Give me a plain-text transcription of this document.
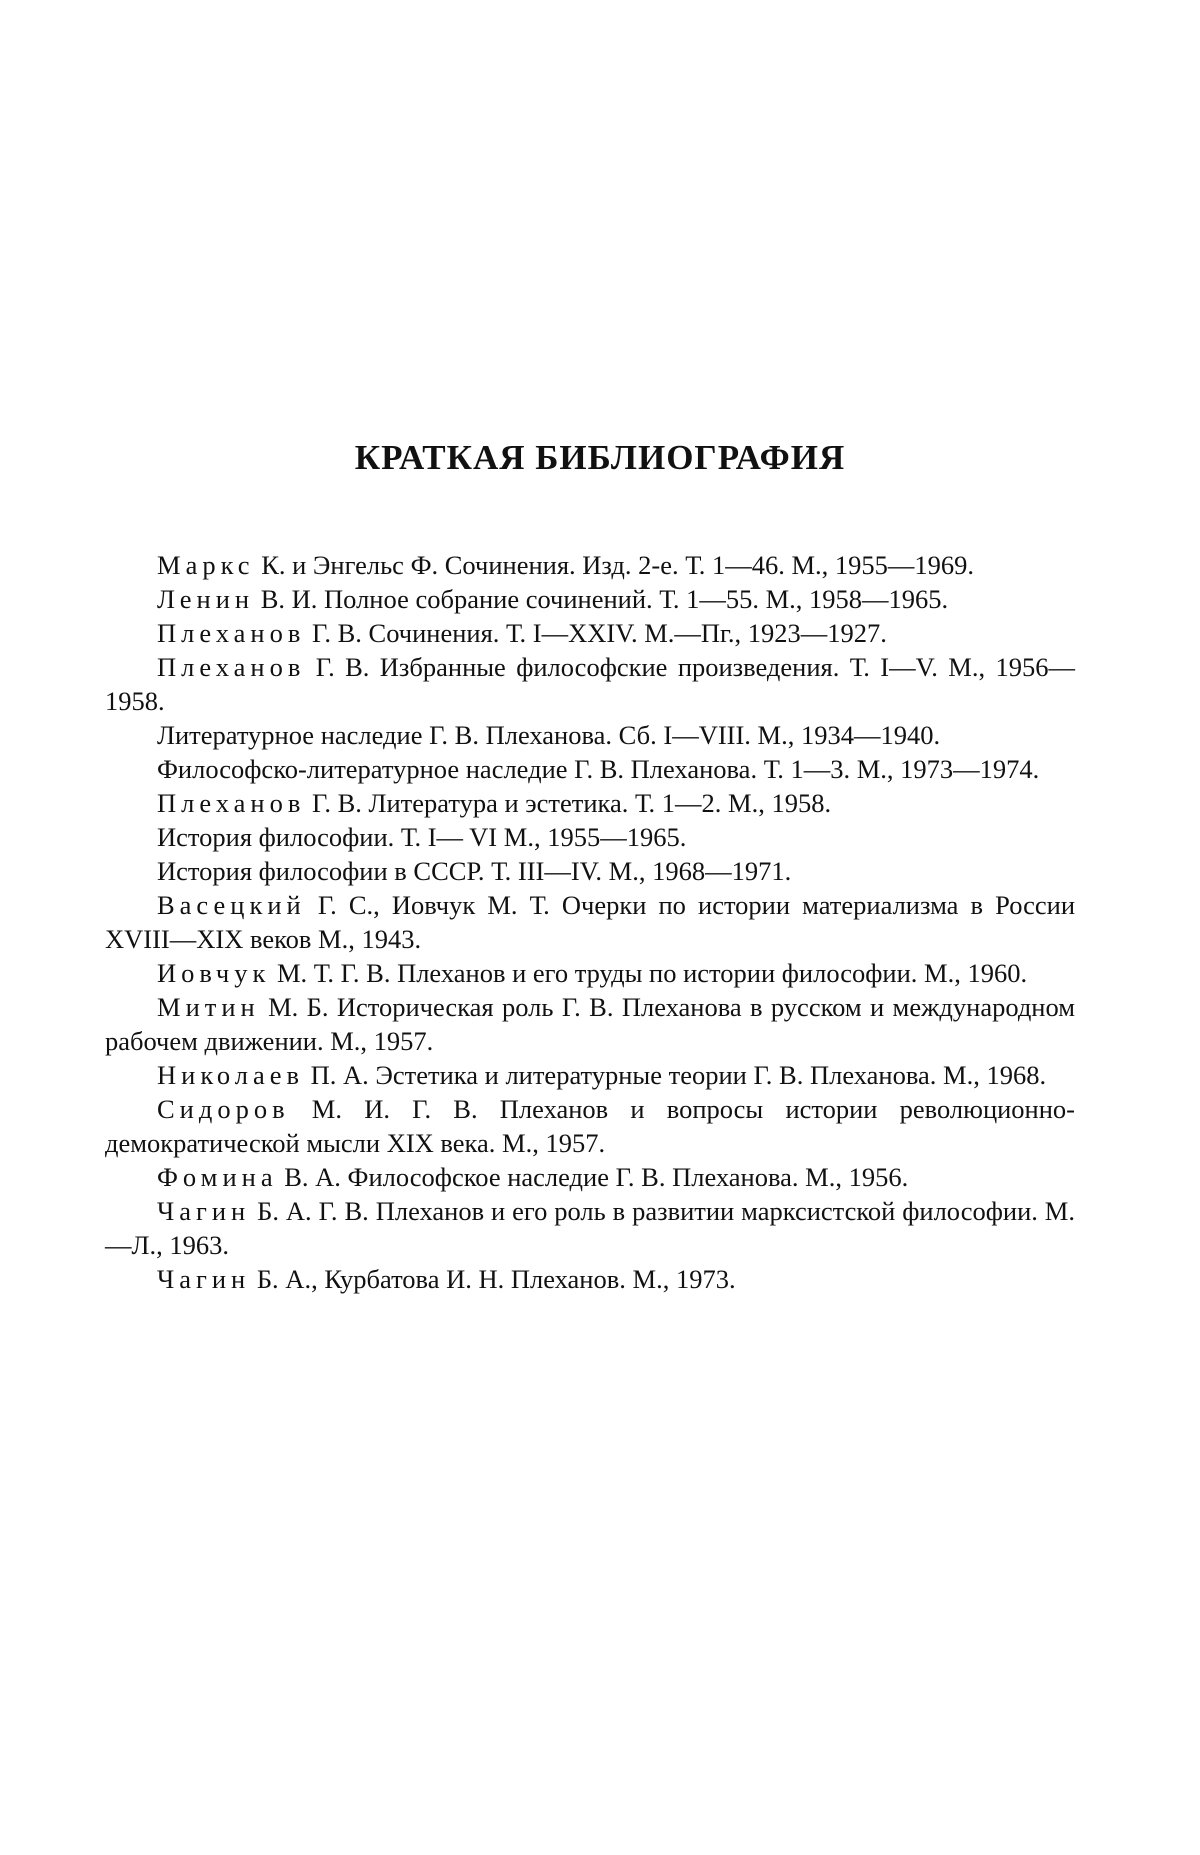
КРАТКАЯ БИБЛИОГРАФИЯ
Маркс К. и Энгельс Ф. Сочинения. Изд. 2-е. Т. 1—46. М., 1955—1969.
Ленин В. И. Полное собрание сочинений. Т. 1—55. М., 1958—1965.
Плеханов Г. В. Сочинения. Т. I—XXIV. М.—Пг., 1923—1927.
Плеханов Г. В. Избранные философские произведения. Т. I—V. М., 1956—1958.
Литературное наследие Г. В. Плеханова. Сб. I—VIII. М., 1934—1940.
Философско-литературное наследие Г. В. Плеханова. Т. 1—3. М., 1973—1974.
Плеханов Г. В. Литература и эстетика. Т. 1—2. М., 1958.
История философии. Т. I— VI М., 1955—1965.
История философии в СССР. Т. III—IV. М., 1968—1971.
Васецкий Г. С., Иовчук М. Т. Очерки по истории материализма в России XVIII—XIX веков М., 1943.
Иовчук М. Т. Г. В. Плеханов и его труды по истории философии. М., 1960.
Митин М. Б. Историческая роль Г. В. Плеханова в русском и международном рабочем движении. М., 1957.
Николаев П. А. Эстетика и литературные теории Г. В. Плеханова. М., 1968.
Сидоров М. И. Г. В. Плеханов и вопросы истории революционно-демократической мысли XIX века. М., 1957.
Фомина В. А. Философское наследие Г. В. Плеханова. М., 1956.
Чагин Б. А. Г. В. Плеханов и его роль в развитии марксистской философии. М.—Л., 1963.
Чагин Б. А., Курбатова И. Н. Плеханов. М., 1973.
